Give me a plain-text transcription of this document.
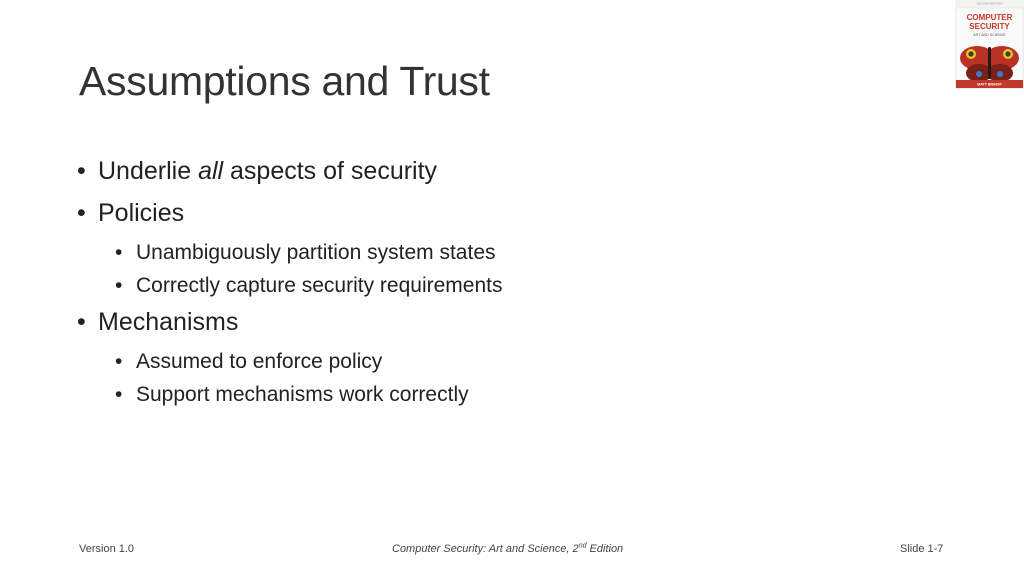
Assumptions and Trust
• Underlie all aspects of security
• Policies
• Unambiguously partition system states
• Correctly capture security requirements
• Mechanisms
• Assumed to enforce policy
• Support mechanisms work correctly
SECOND EDITION
COMPUTER
SECURITY
ART AND SCIENCE
MATT BISHOP
Version 1.0	Computer Security: Art and Science, 2nd Edition	Slide 1-7
